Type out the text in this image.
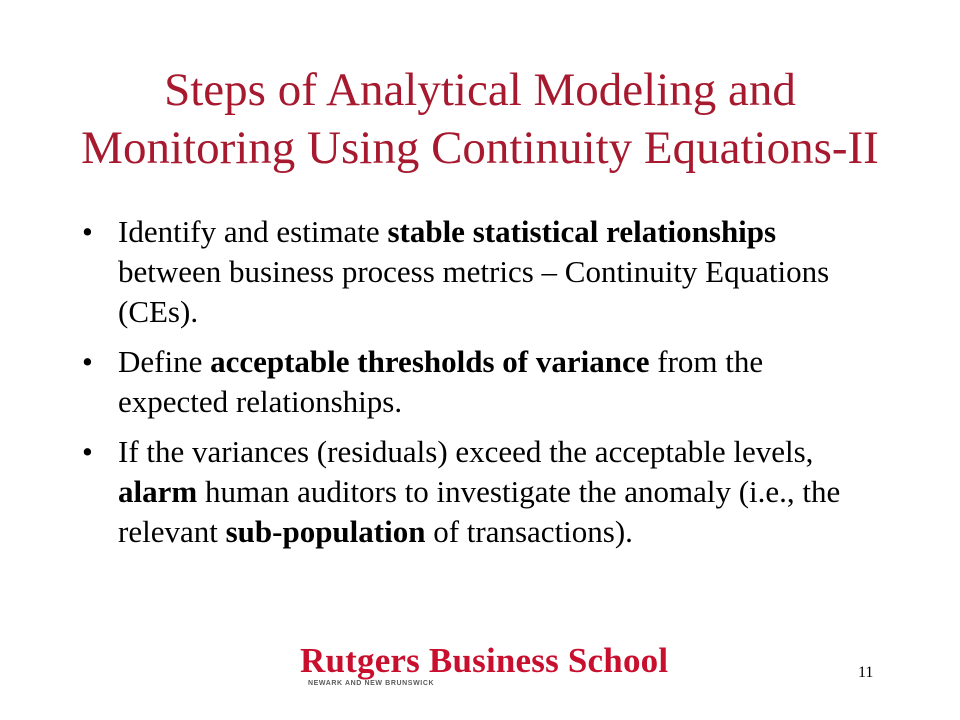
Steps of Analytical Modeling and
Monitoring Using Continuity Equations-II
• Identify and estimate stable statistical relationships between business process metrics – Continuity Equations (CEs).
• Define acceptable thresholds of variance from the expected relationships.
• If the variances (residuals) exceed the acceptable levels, alarm human auditors to investigate the anomaly (i.e., the relevant sub-population of transactions).
Rutgers Business School
NEWARK AND NEW BRUNSWICK
11
